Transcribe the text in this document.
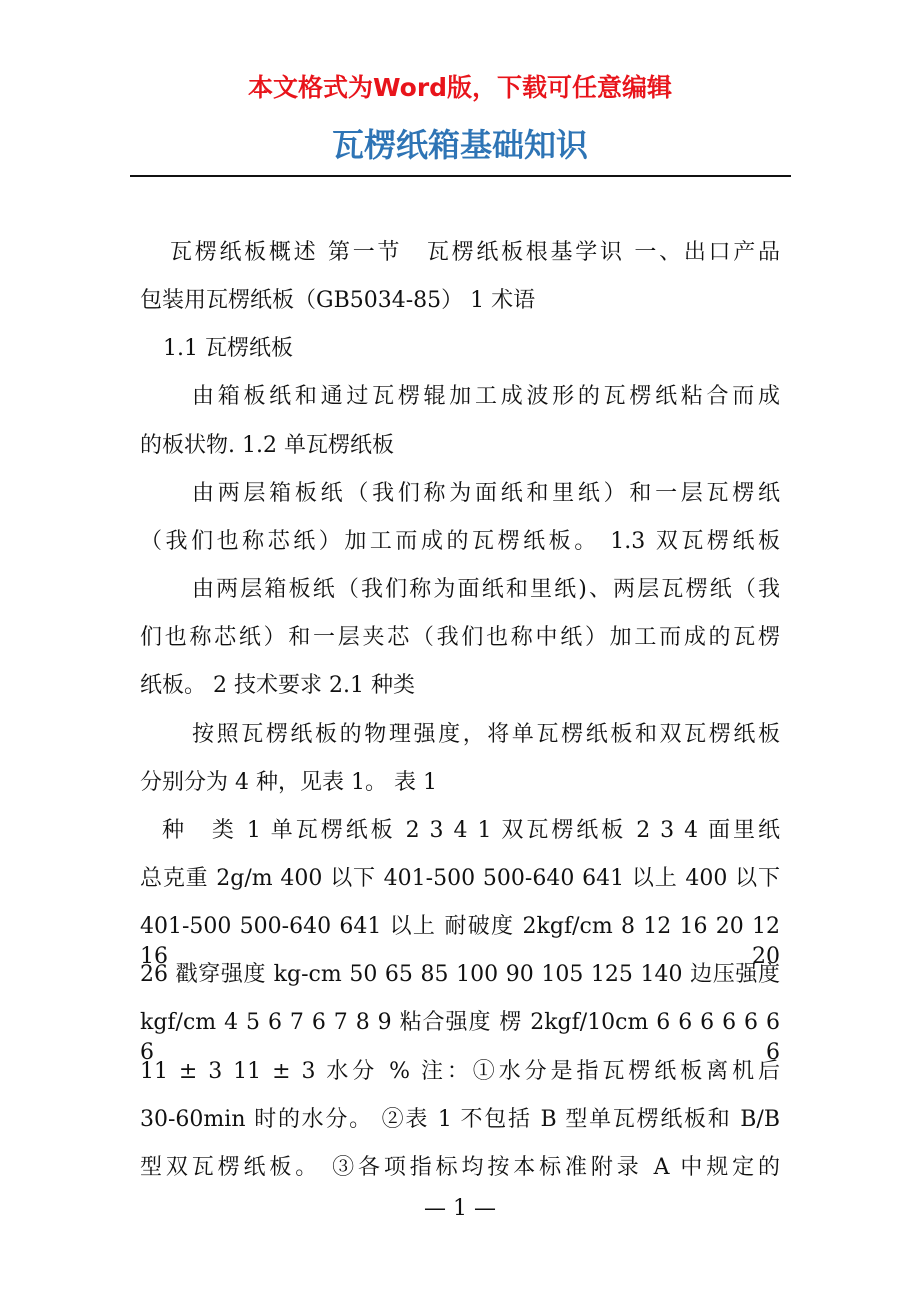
本文格式为Word版，下载可任意编辑
瓦楞纸箱基础知识
瓦楞纸板概述 第一节　瓦楞纸板根基学识 一、出口产品
包装用瓦楞纸板（GB5034-85） 1 术语
1.1 瓦楞纸板
由箱板纸和通过瓦楞辊加工成波形的瓦楞纸粘合而成
的板状物. 1.2 单瓦楞纸板
由两层箱板纸（我们称为面纸和里纸）和一层瓦楞纸
（我们也称芯纸）加工而成的瓦楞纸板。 1.3 双瓦楞纸板
由两层箱板纸（我们称为面纸和里纸)、两层瓦楞纸（我
们也称芯纸）和一层夹芯（我们也称中纸）加工而成的瓦楞
纸板。 2 技术要求 2.1 种类
按照瓦楞纸板的物理强度，将单瓦楞纸板和双瓦楞纸板
分别分为 4 种，见表 1。 表 1
种　类 1 单瓦楞纸板 2 3 4 1 双瓦楞纸板 2 3 4 面里纸
总克重 2g/m 400 以下 401-500 500-640 641 以上 400 以下
401-500 500-640 641 以上 耐破度 2kgf/cm 8 12 16 20 12 16 20
26 戳穿强度 kg-cm 50 65 85 100 90 105 125 140 边压强度
kgf/cm 4 5 6 7 6 7 8 9 粘合强度 楞 2kgf/10cm 6 6 6 6 6 6 6 6
11 ± 3 11 ± 3 水分 % 注：①水分是指瓦楞纸板离机后
30-60min 时的水分。 ②表 1 不包括 B 型单瓦楞纸板和 B/B
型双瓦楞纸板。 ③各项指标均按本标准附录 A 中规定的
— 1 —
